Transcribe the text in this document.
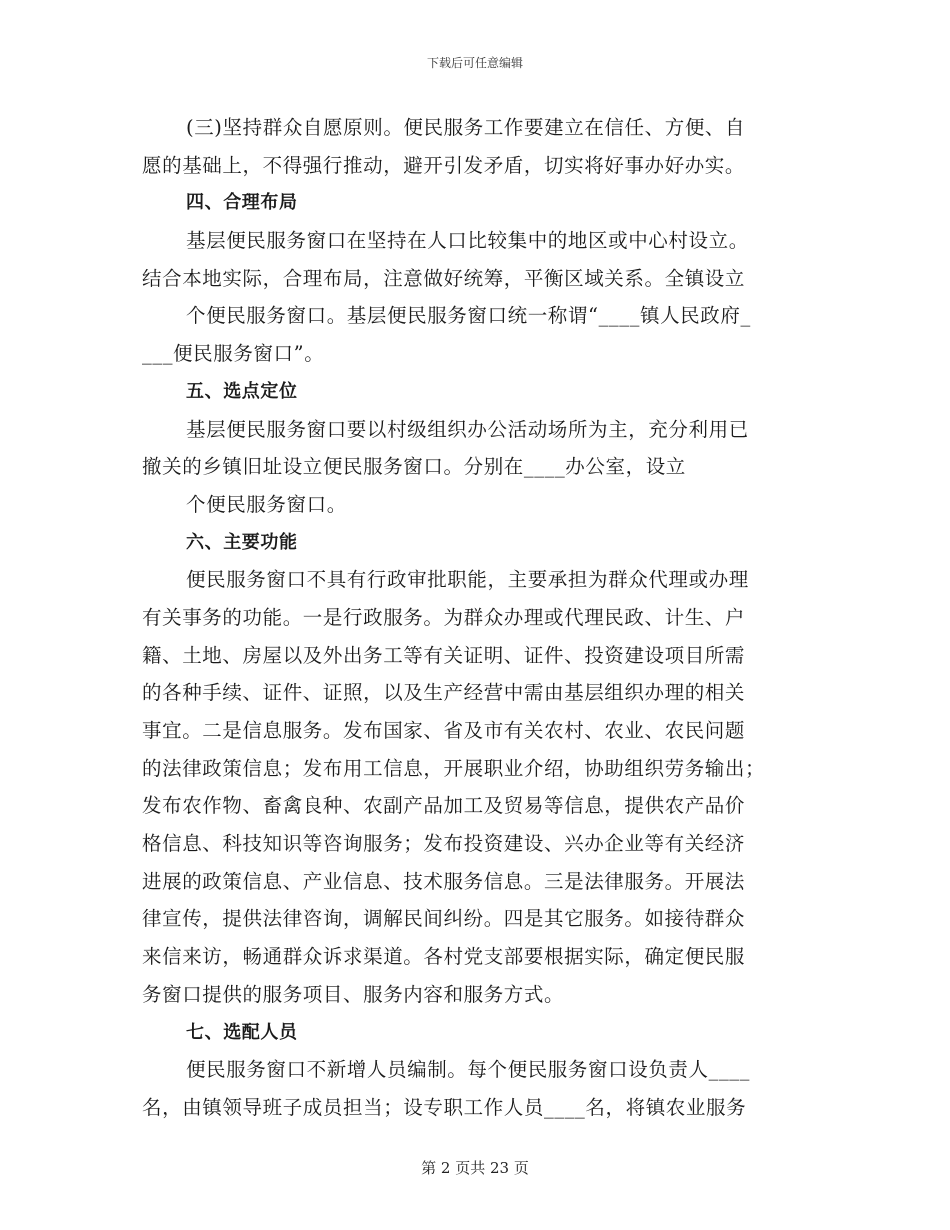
下载后可任意编辑
(三)坚持群众自愿原则。便民服务工作要建立在信任、方便、自
愿的基础上，不得强行推动，避开引发矛盾，切实将好事办好办实。
四、合理布局
基层便民服务窗口在坚持在人口比较集中的地区或中心村设立。
结合本地实际，合理布局，注意做好统筹，平衡区域关系。全镇设立
个便民服务窗口。基层便民服务窗口统一称谓“____镇人民政府_
___便民服务窗口”。
五、选点定位
基层便民服务窗口要以村级组织办公活动场所为主，充分利用已
撤关的乡镇旧址设立便民服务窗口。分别在____办公室，设立
个便民服务窗口。
六、主要功能
便民服务窗口不具有行政审批职能，主要承担为群众代理或办理
有关事务的功能。一是行政服务。为群众办理或代理民政、计生、户
籍、土地、房屋以及外出务工等有关证明、证件、投资建设项目所需
的各种手续、证件、证照，以及生产经营中需由基层组织办理的相关
事宜。二是信息服务。发布国家、省及市有关农村、农业、农民问题
的法律政策信息；发布用工信息，开展职业介绍，协助组织劳务输出；
发布农作物、畜禽良种、农副产品加工及贸易等信息，提供农产品价
格信息、科技知识等咨询服务；发布投资建设、兴办企业等有关经济
进展的政策信息、产业信息、技术服务信息。三是法律服务。开展法
律宣传，提供法律咨询，调解民间纠纷。四是其它服务。如接待群众
来信来访，畅通群众诉求渠道。各村党支部要根据实际，确定便民服
务窗口提供的服务项目、服务内容和服务方式。
七、选配人员
便民服务窗口不新增人员编制。每个便民服务窗口设负责人____
名，由镇领导班子成员担当；设专职工作人员____名，将镇农业服务
第 2 页共 23 页
